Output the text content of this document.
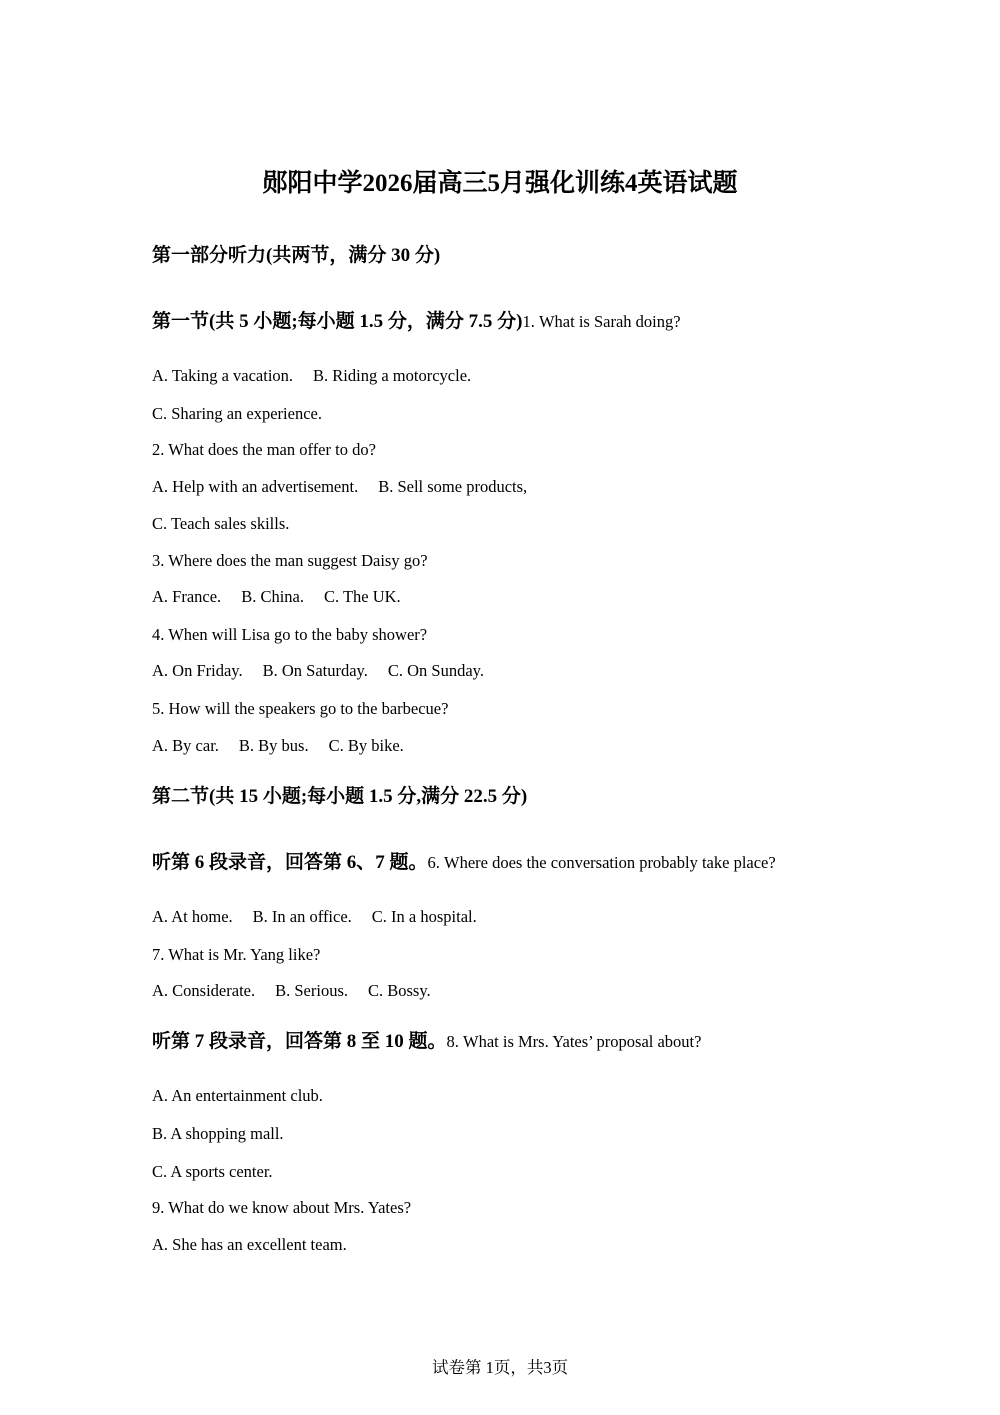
郧阳中学2026届高三5月强化训练4英语试题
第一部分听力(共两节，满分 30 分)
第一节(共 5 小题;每小题 1.5 分，满分 7.5 分)1. What is Sarah doing?
A. Taking a vacation. B. Riding a motorcycle.
C. Sharing an experience.
2. What does the man offer to do?
A. Help with an advertisement. B. Sell some products,
C. Teach sales skills.
3. Where does the man suggest Daisy go?
A. France. B. China. C. The UK.
4. When will Lisa go to the baby shower?
A. On Friday. B. On Saturday. C. On Sunday.
5. How will the speakers go to the barbecue?
A. By car. B. By bus. C. By bike.
第二节(共 15 小题;每小题 1.5 分,满分 22.5 分)
听第 6 段录音，回答第 6、7 题。6. Where does the conversation probably take place?
A. At home. B. In an office. C. In a hospital.
7. What is Mr. Yang like?
A. Considerate. B. Serious. C. Bossy.
听第 7 段录音，回答第 8 至 10 题。8. What is Mrs. Yates’ proposal about?
A. An entertainment club.
B. A shopping mall.
C. A sports center.
9. What do we know about Mrs. Yates?
A. She has an excellent team.
试卷第 1页，共3页
